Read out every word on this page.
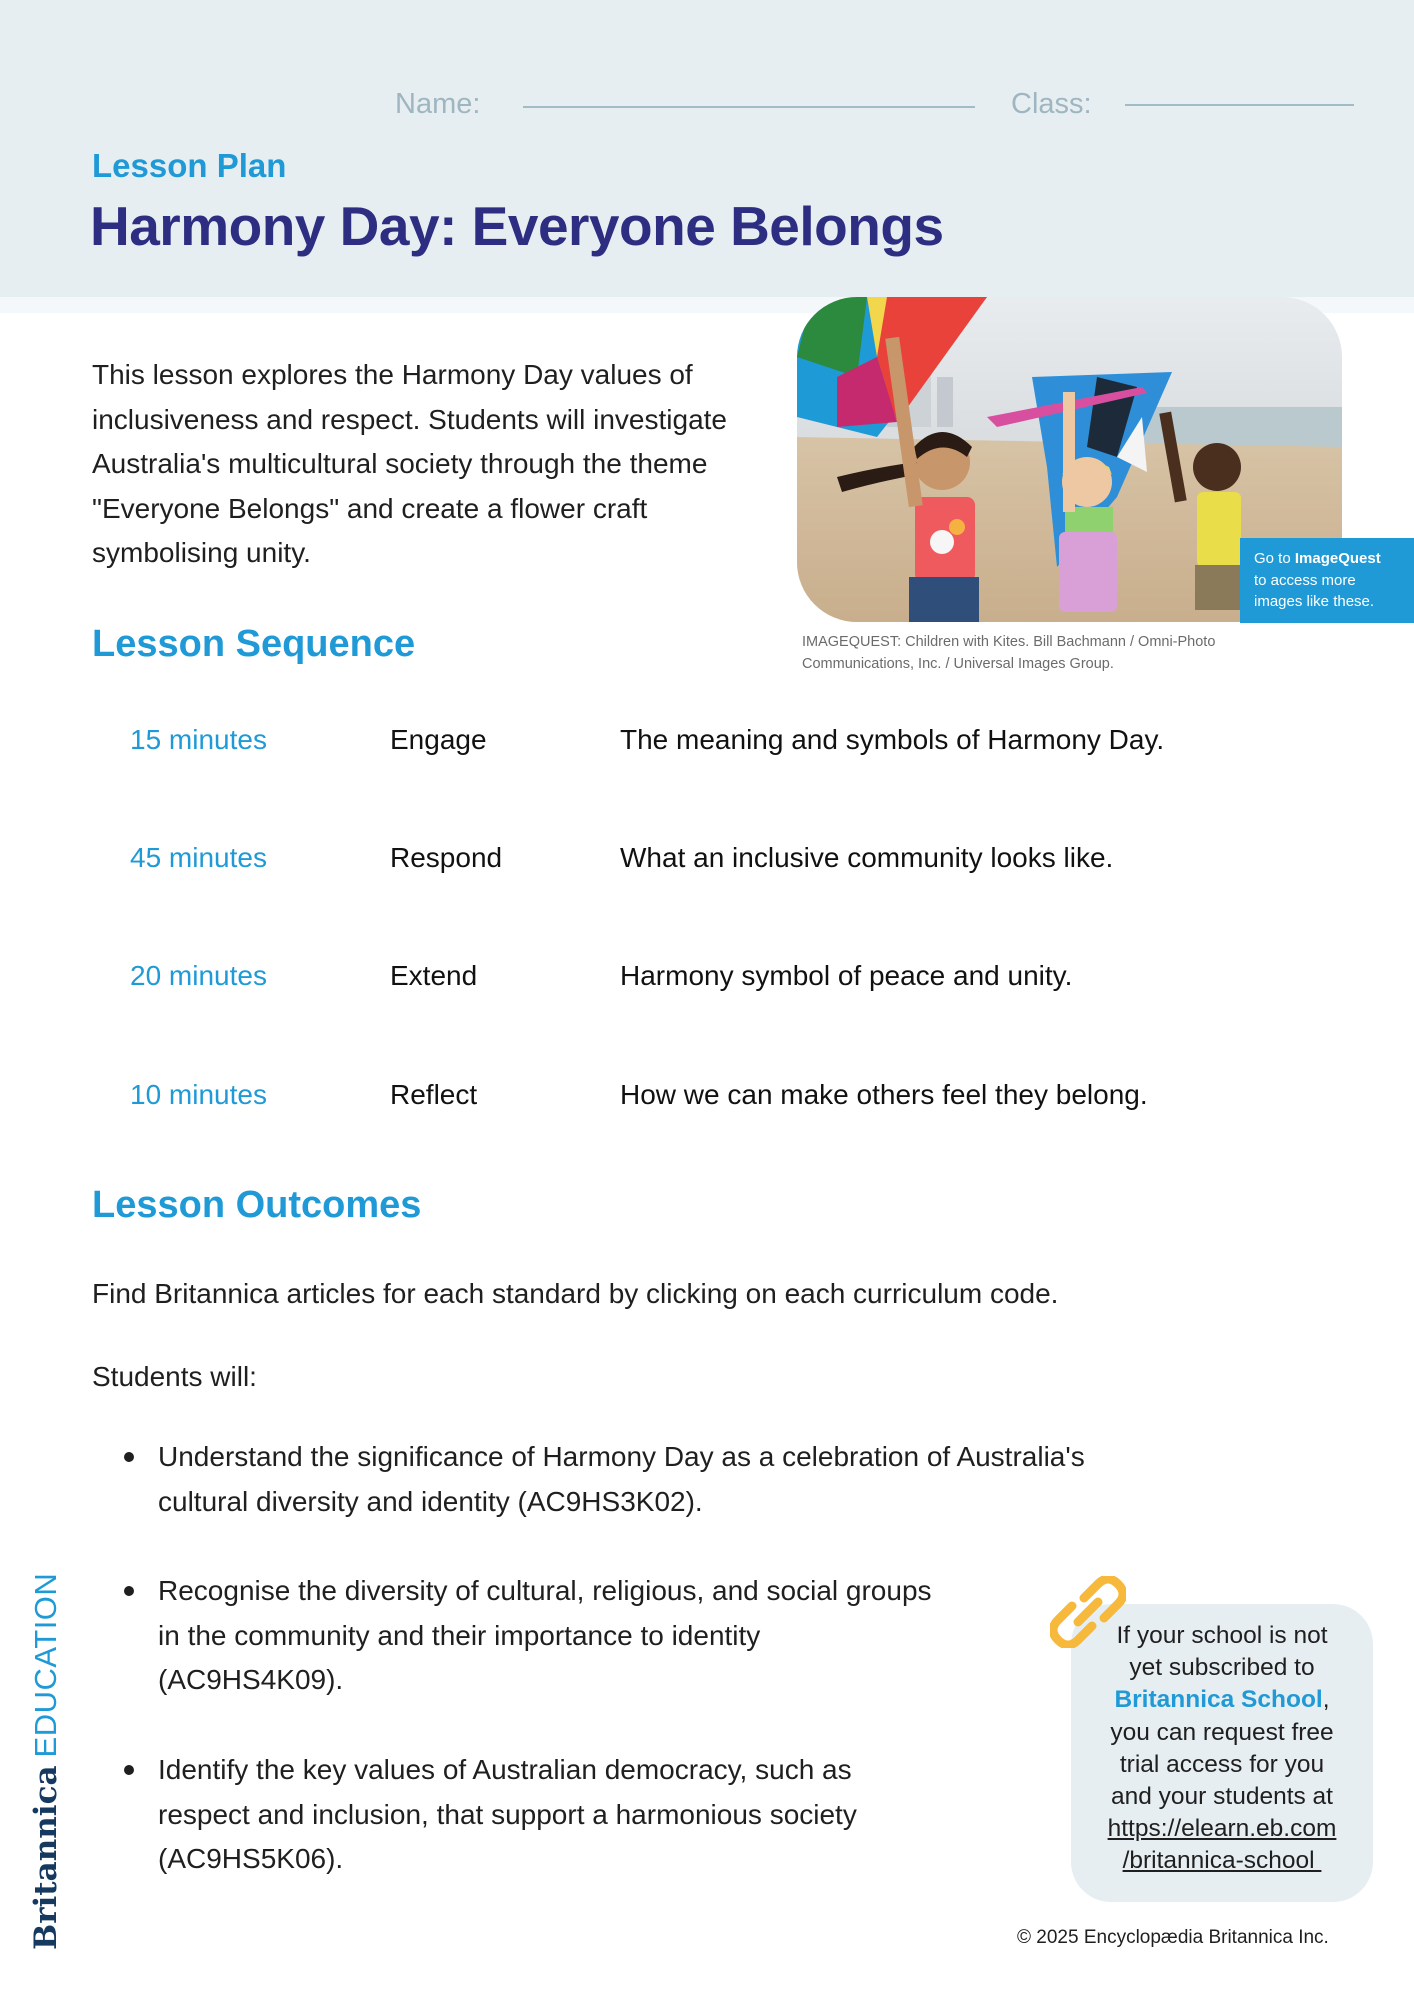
Name:	Class:
Lesson Plan
Harmony Day: Everyone Belongs
This lesson explores the Harmony Day values of inclusiveness and respect. Students will investigate Australia's multicultural society through the theme "Everyone Belongs" and create a flower craft symbolising unity.	Go to ImageQuest
to access more images like these.
IMAGEQUEST: Children with Kites. Bill Bachmann / Omni-Photo Communications, Inc. / Universal Images Group.
Lesson Sequence
15 minutes	Engage	The meaning and symbols of Harmony Day.
45 minutes	Respond	What an inclusive community looks like.
20 minutes	Extend	Harmony symbol of peace and unity.
10 minutes	Reflect	How we can make others feel they belong.
Lesson Outcomes
Find Britannica articles for each standard by clicking on each curriculum code.
Students will:
Understand the significance of Harmony Day as a celebration of Australia's
cultural diversity and identity (AC9HS3K02).
Recognise the diversity of cultural, religious, and social groups
in the community and their importance to identity
(AC9HS4K09).
Identify the key values of Australian democracy, such as
respect and inclusion, that support a harmonious society
(AC9HS5K06).
If your school is not
yet subscribed to
Britannica School,
you can request free
trial access for you
and your students at
https://elearn.eb.com
/britannica-school
© 2025 Encyclopædia Britannica Inc.
BritannicaEDUCATION
